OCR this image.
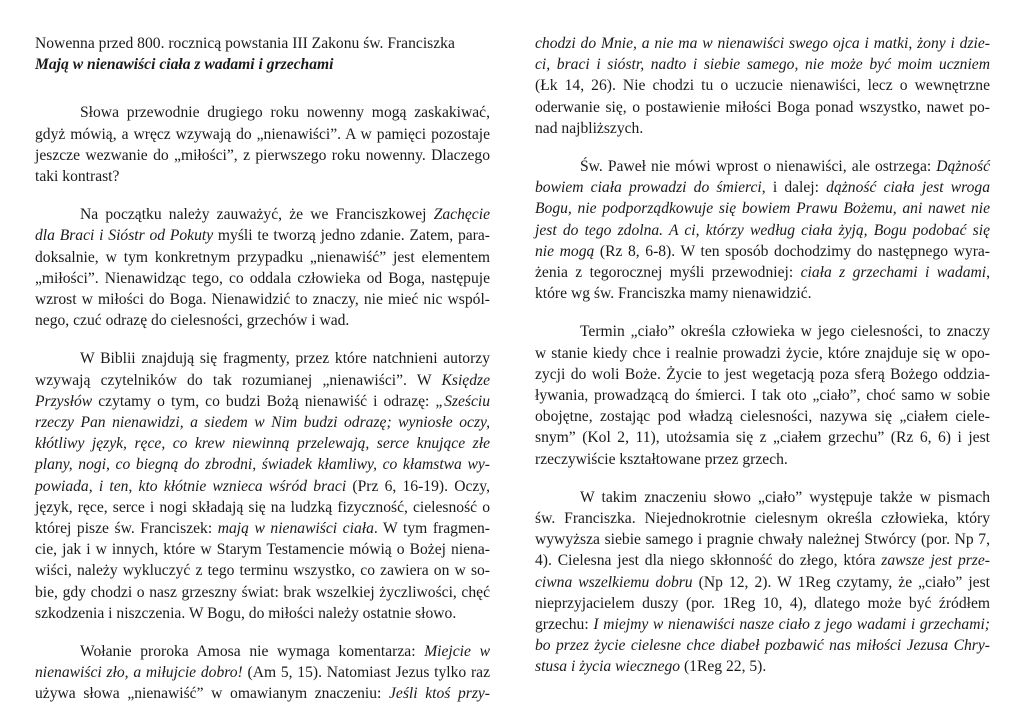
Nowenna przed 800. rocznicą powstania III Zakonu św. Franciszka
Mają w nienawiści ciała z wadami i grzechami
Słowa przewodnie drugiego roku nowenny mogą zaskakiwać,
gdyż mówią, a wręcz wzywają do „nienawiści”. A w pamięci pozostaje
jeszcze wezwanie do „miłości”, z pierwszego roku nowenny. Dlaczego
taki kontrast?
Na początku należy zauważyć, że we Franciszkowej Zachęcie
dla Braci i Sióstr od Pokuty myśli te tworzą jedno zdanie. Zatem, para-
doksalnie, w tym konkretnym przypadku „nienawiść” jest elementem
„miłości”. Nienawidząc tego, co oddala człowieka od Boga, następuje
wzrost w miłości do Boga. Nienawidzić to znaczy, nie mieć nic wspól-
nego, czuć odrazę do cielesności, grzechów i wad.
W Biblii znajdują się fragmenty, przez które natchnieni autorzy
wzywają czytelników do tak rozumianej „nienawiści”. W Księdze
Przysłów czytamy o tym, co budzi Bożą nienawiść i odrazę: „Sześciu
rzeczy Pan nienawidzi, a siedem w Nim budzi odrazę; wyniosłe oczy,
kłótliwy język, ręce, co krew niewinną przelewają, serce knujące złe
plany, nogi, co biegną do zbrodni, świadek kłamliwy, co kłamstwa wy-
powiada, i ten, kto kłótnie wznieca wśród braci (Prz 6, 16-19). Oczy,
język, ręce, serce i nogi składają się na ludzką fizyczność, cielesność o
której pisze św. Franciszek: mają w nienawiści ciała. W tym fragmen-
cie, jak i w innych, które w Starym Testamencie mówią o Bożej niena-
wiści, należy wykluczyć z tego terminu wszystko, co zawiera on w so-
bie, gdy chodzi o nasz grzeszny świat: brak wszelkiej życzliwości, chęć
szkodzenia i niszczenia. W Bogu, do miłości należy ostatnie słowo.
Wołanie proroka Amosa nie wymaga komentarza: Miejcie w
nienawiści zło, a miłujcie dobro! (Am 5, 15). Natomiast Jezus tylko raz
używa słowa „nienawiść” w omawianym znaczeniu: Jeśli ktoś przy-
chodzi do Mnie, a nie ma w nienawiści swego ojca i matki, żony i dzie-
ci, braci i sióstr, nadto i siebie samego, nie może być moim uczniem
(Łk 14, 26). Nie chodzi tu o uczucie nienawiści, lecz o wewnętrzne
oderwanie się, o postawienie miłości Boga ponad wszystko, nawet po-
nad najbliższych.
Św. Paweł nie mówi wprost o nienawiści, ale ostrzega: Dążność
bowiem ciała prowadzi do śmierci, i dalej: dążność ciała jest wroga
Bogu, nie podporządkowuje się bowiem Prawu Bożemu, ani nawet nie
jest do tego zdolna. A ci, którzy według ciała żyją, Bogu podobać się
nie mogą (Rz 8, 6-8). W ten sposób dochodzimy do następnego wyra-
żenia z tegorocznej myśli przewodniej: ciała z grzechami i wadami,
które wg św. Franciszka mamy nienawidzić.
Termin „ciało” określa człowieka w jego cielesności, to znaczy
w stanie kiedy chce i realnie prowadzi życie, które znajduje się w opo-
zycji do woli Boże. Życie to jest wegetacją poza sferą Bożego oddzia-
ływania, prowadzącą do śmierci. I tak oto „ciało”, choć samo w sobie
obojętne, zostając pod władzą cielesności, nazywa się „ciałem ciele-
snym” (Kol 2, 11), utożsamia się z „ciałem grzechu” (Rz 6, 6) i jest
rzeczywiście kształtowane przez grzech.
W takim znaczeniu słowo „ciało” występuje także w pismach
św. Franciszka. Niejednokrotnie cielesnym określa człowieka, który
wywyższa siebie samego i pragnie chwały należnej Stwórcy (por. Np 7,
4). Cielesna jest dla niego skłonność do złego, która zawsze jest prze-
ciwna wszelkiemu dobru (Np 12, 2). W 1Reg czytamy, że „ciało” jest
nieprzyjacielem duszy (por. 1Reg 10, 4), dlatego może być źródłem
grzechu: I miejmy w nienawiści nasze ciało z jego wadami i grzechami;
bo przez życie cielesne chce diabeł pozbawić nas miłości Jezusa Chry-
stusa i życia wiecznego (1Reg 22, 5).
